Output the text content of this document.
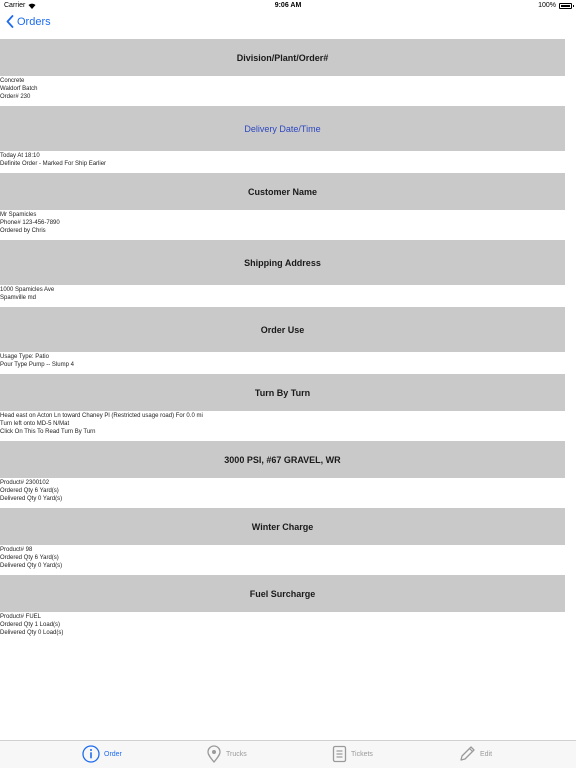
Carrier	9:06 AM	100%
Orders
Division/Plant/Order#
Concrete
Waldorf Batch
Order# 230
Delivery Date/Time
Today At 18:10
Definite Order - Marked For Ship Earlier
Customer Name
Mr Spamicles
Phone# 123-456-7890
Ordered by Chris
Shipping Address
1000 Spamicles Ave
Spamville md
Order Use
Usage Type: Patio
Pour Type Pump -- Slump 4
Turn By Turn
Head east on Acton Ln toward Chaney Pl (Restricted usage road) For 0.0 mi
Turn left onto MD-5 N/Mat
Click On This To Read Turn By Turn
3000 PSI, #67 GRAVEL, WR
Product# 2300102
Ordered Qty 6 Yard(s)
Delivered Qty 0 Yard(s)
Winter Charge
Product# 98
Ordered Qty 6 Yard(s)
Delivered Qty 0 Yard(s)
Fuel Surcharge
Product# FUEL
Ordered Qty 1 Load(s)
Delivered Qty 0 Load(s)
Order	Trucks	Tickets	Edit
